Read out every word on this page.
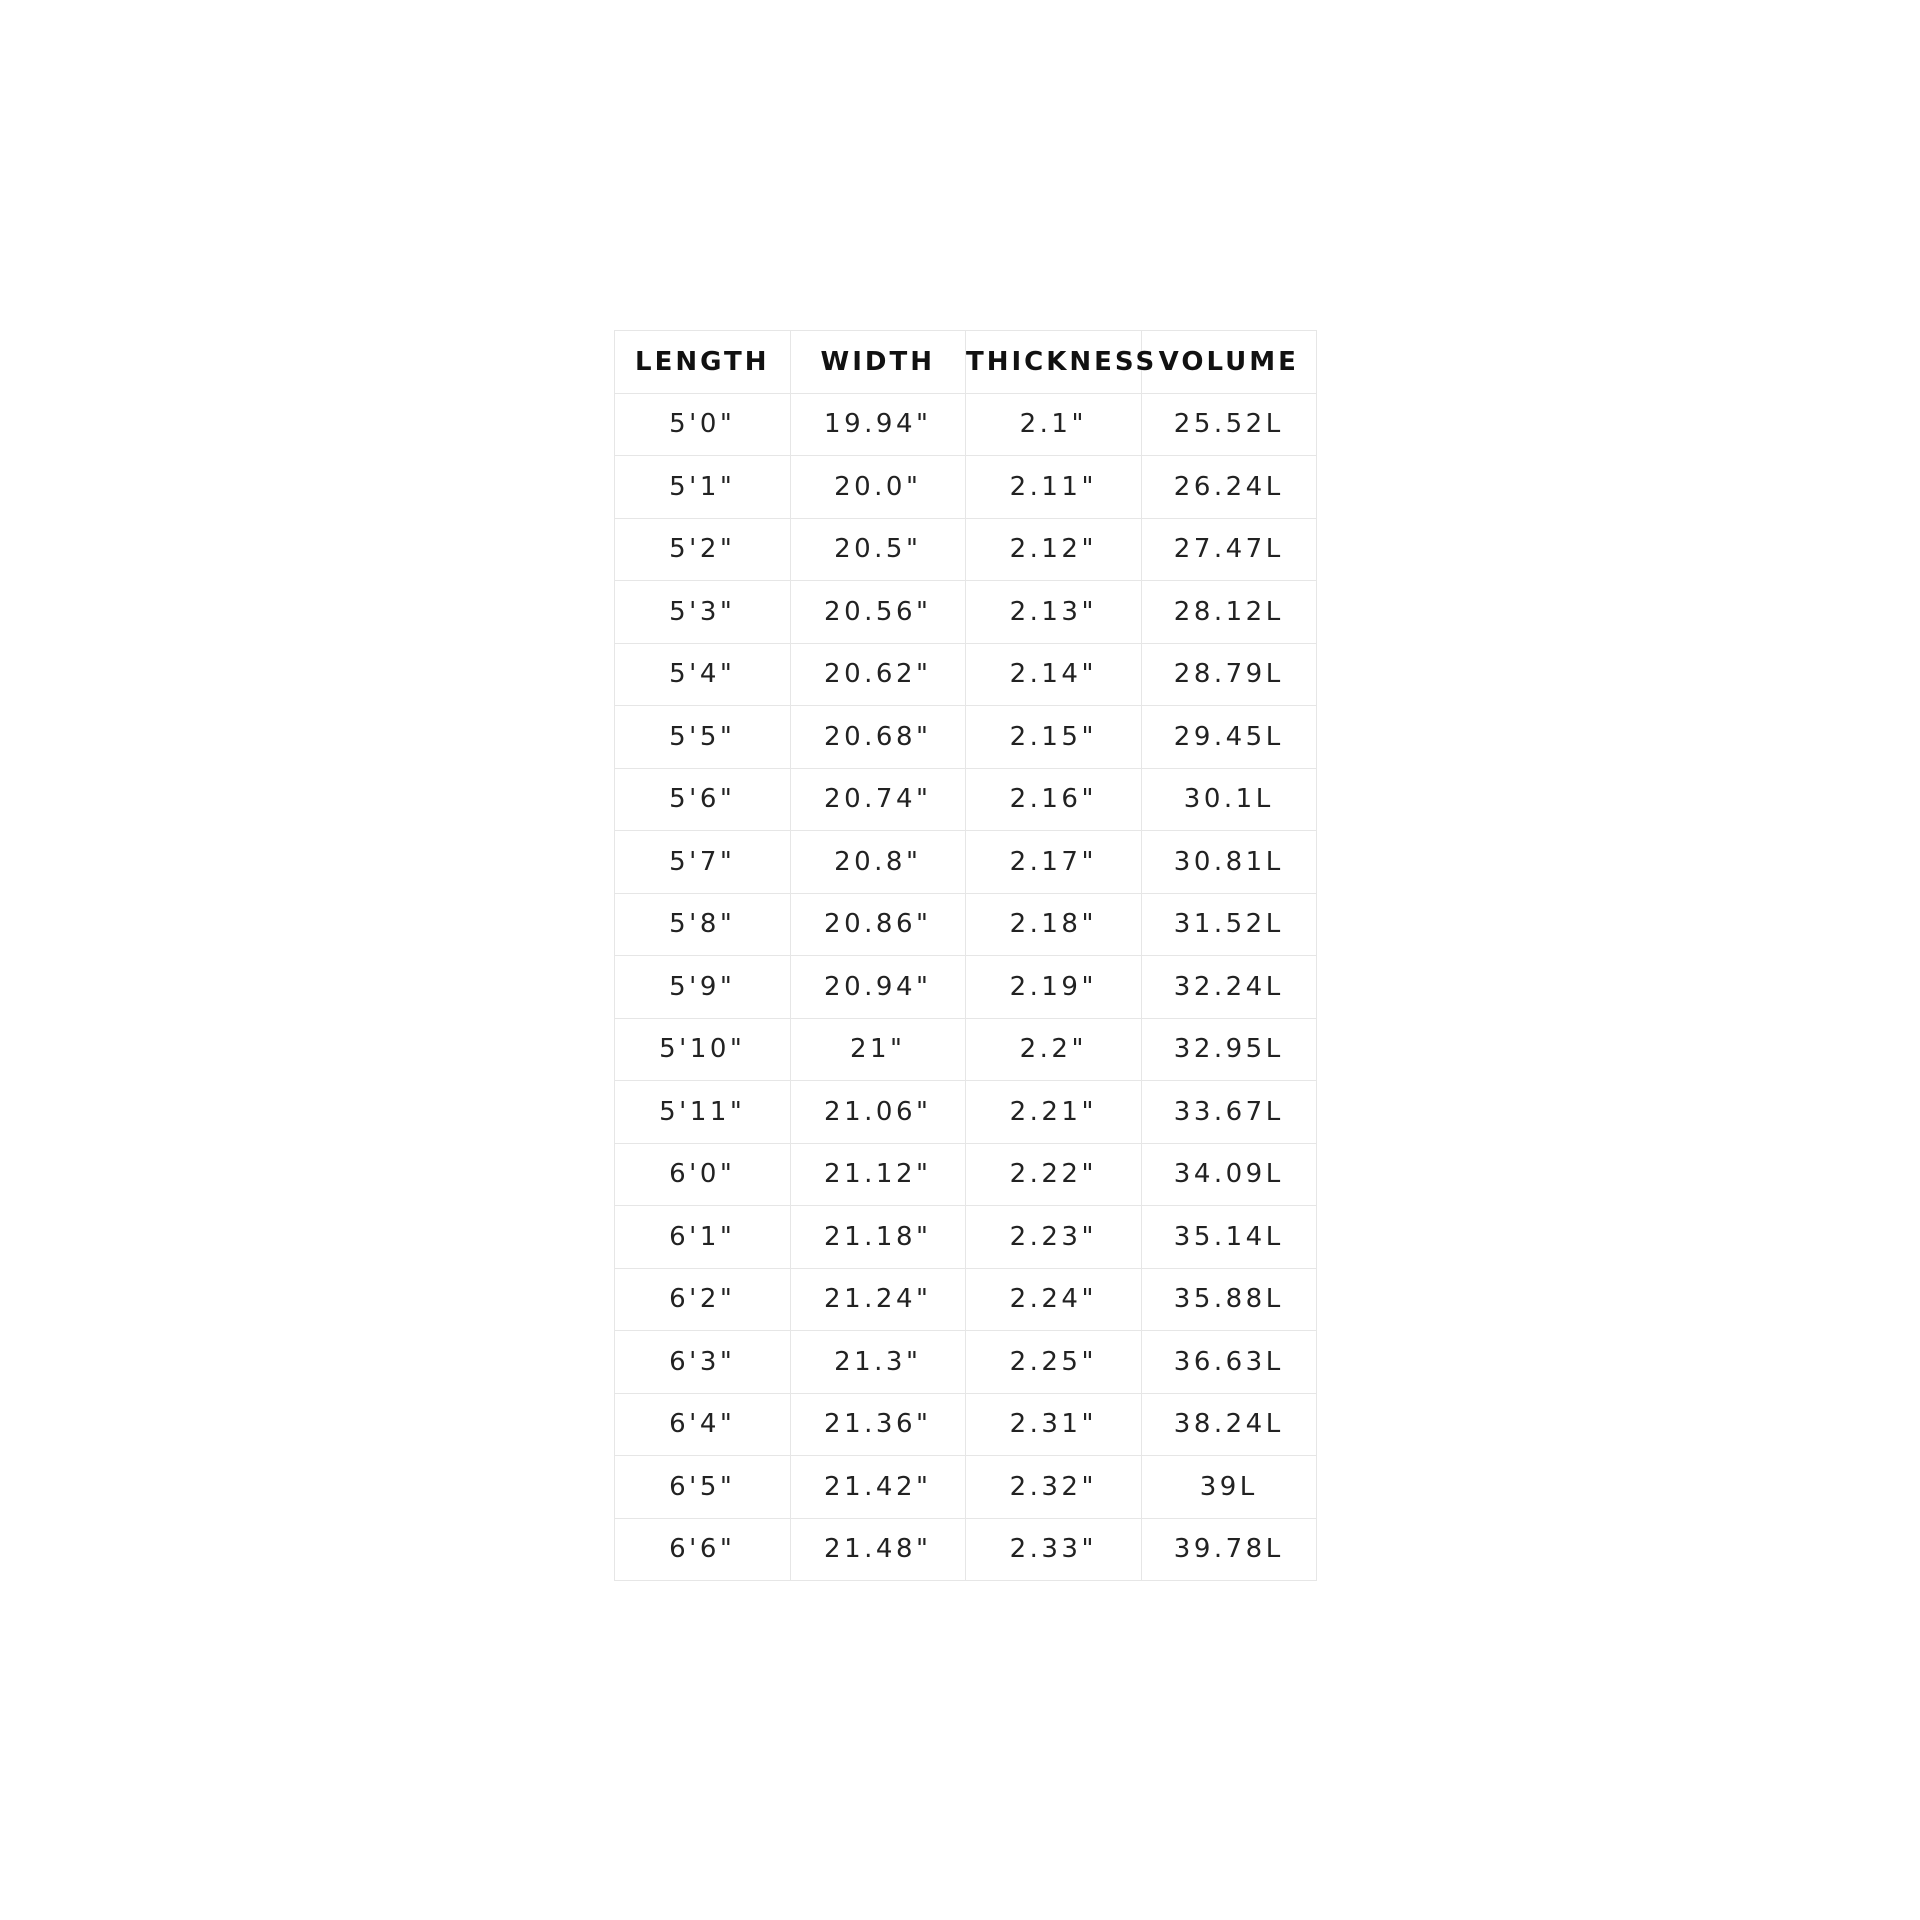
LENGTH	WIDTH	THICKNESS	VOLUME
5'0"	19.94"	2.1"	25.52L
5'1"	20.0"	2.11"	26.24L
5'2"	20.5"	2.12"	27.47L
5'3"	20.56"	2.13"	28.12L
5'4"	20.62"	2.14"	28.79L
5'5"	20.68"	2.15"	29.45L
5'6"	20.74"	2.16"	30.1L
5'7"	20.8"	2.17"	30.81L
5'8"	20.86"	2.18"	31.52L
5'9"	20.94"	2.19"	32.24L
5'10"	21"	2.2"	32.95L
5'11"	21.06"	2.21"	33.67L
6'0"	21.12"	2.22"	34.09L
6'1"	21.18"	2.23"	35.14L
6'2"	21.24"	2.24"	35.88L
6'3"	21.3"	2.25"	36.63L
6'4"	21.36"	2.31"	38.24L
6'5"	21.42"	2.32"	39L
6'6"	21.48"	2.33"	39.78L
